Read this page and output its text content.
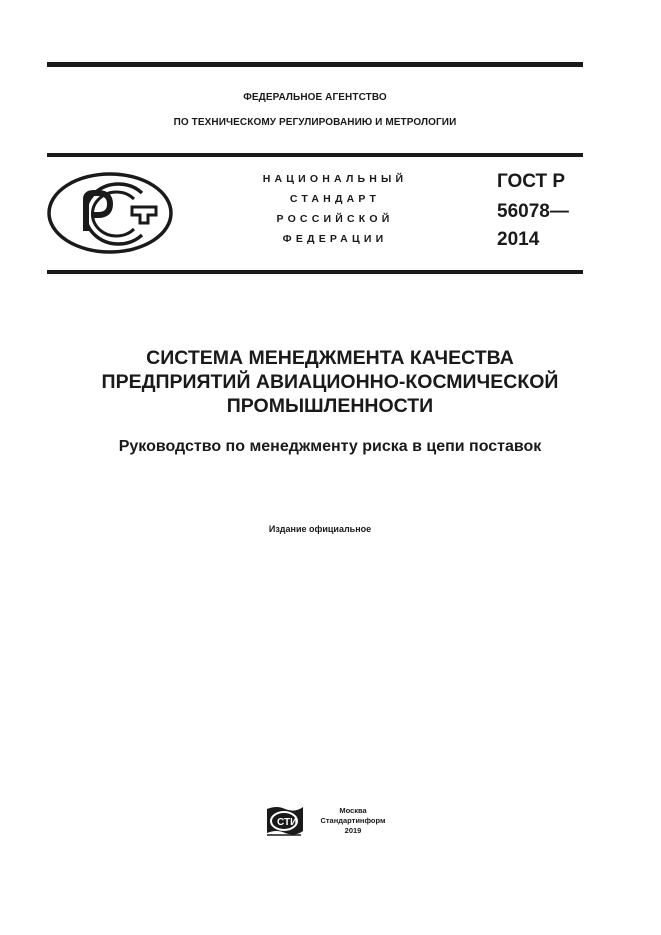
ФЕДЕРАЛЬНОЕ АГЕНТСТВО
ПО ТЕХНИЧЕСКОМУ РЕГУЛИРОВАНИЮ И МЕТРОЛОГИИ
НАЦИОНАЛЬНЫЙ
СТАНДАРТ
РОССИЙСКОЙ
ФЕДЕРАЦИИ
ГОСТ Р
56078—
2014
СИСТЕМА МЕНЕДЖМЕНТА КАЧЕСТВА
ПРЕДПРИЯТИЙ АВИАЦИОННО-КОСМИЧЕСКОЙ
ПРОМЫШЛЕННОСТИ
Руководство по менеджменту риска в цепи поставок
Издание официальное
СТИ
Москва
Стандартинформ
2019
